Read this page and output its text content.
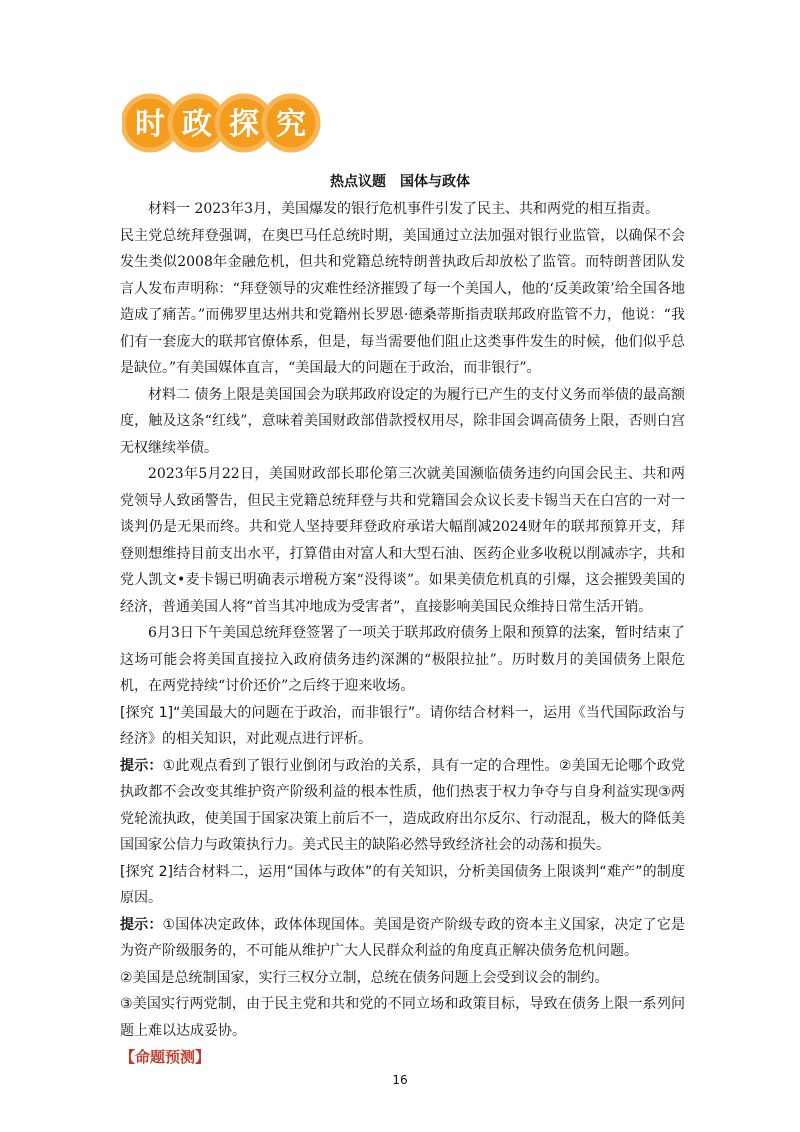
时 政 探 究
热点议题　国体与政体

材料一 2023年3月，美国爆发的银行危机事件引发了民主、共和两党的相互指责。

民主党总统拜登强调，在奥巴马任总统时期，美国通过立法加强对银行业监管，以确保不会发生类似2008年金融危机，但共和党籍总统特朗普执政后却放松了监管。而特朗普团队发言人发布声明称：“拜登领导的灾难性经济摧毁了每一个美国人，他的‘反美政策’给全国各地造成了痛苦。”而佛罗里达州共和党籍州长罗恩·德桑蒂斯指责联邦政府监管不力，他说：“我们有一套庞大的联邦官僚体系，但是，每当需要他们阻止这类事件发生的时候，他们似乎总是缺位。”有美国媒体直言，“美国最大的问题在于政治，而非银行”。

材料二 债务上限是美国国会为联邦政府设定的为履行已产生的支付义务而举债的最高额度，触及这条“红线”，意味着美国财政部借款授权用尽，除非国会调高债务上限，否则白宫无权继续举债。

2023年5月22日，美国财政部长耶伦第三次就美国濒临债务违约向国会民主、共和两党领导人致函警告，但民主党籍总统拜登与共和党籍国会众议长麦卡锡当天在白宫的一对一谈判仍是无果而终。共和党人坚持要拜登政府承诺大幅削减2024财年的联邦预算开支，拜登则想维持目前支出水平，打算借由对富人和大型石油、医药企业多收税以削减赤字，共和党人凯文•麦卡锡已明确表示增税方案“没得谈”。如果美债危机真的引爆，这会摧毁美国的经济，普通美国人将“首当其冲地成为受害者”，直接影响美国民众维持日常生活开销。

6月3日下午美国总统拜登签署了一项关于联邦政府债务上限和预算的法案，暂时结束了这场可能会将美国直接拉入政府债务违约深渊的“极限拉扯”。历时数月的美国债务上限危机，在两党持续“讨价还价”之后终于迎来收场。

[探究 1]“美国最大的问题在于政治，而非银行”。请你结合材料一，运用《当代国际政治与经济》的相关知识，对此观点进行评析。

提示：①此观点看到了银行业倒闭与政治的关系，具有一定的合理性。②美国无论哪个政党执政都不会改变其维护资产阶级利益的根本性质，他们热衷于权力争夺与自身利益实现③两党轮流执政，使美国于国家决策上前后不一，造成政府出尔反尔、行动混乱，极大的降低美国国家公信力与政策执行力。美式民主的缺陷必然导致经济社会的动荡和损失。

[探究 2]结合材料二，运用“国体与政体”的有关知识，分析美国债务上限谈判“难产”的制度原因。

提示：①国体决定政体，政体体现国体。美国是资产阶级专政的资本主义国家，决定了它是为资产阶级服务的，不可能从维护广大人民群众利益的角度真正解决债务危机问题。

②美国是总统制国家，实行三权分立制，总统在债务问题上会受到议会的制约。

③美国实行两党制，由于民主党和共和党的不同立场和政策目标，导致在债务上限一系列问题上难以达成妥协。

【命题预测】

16
